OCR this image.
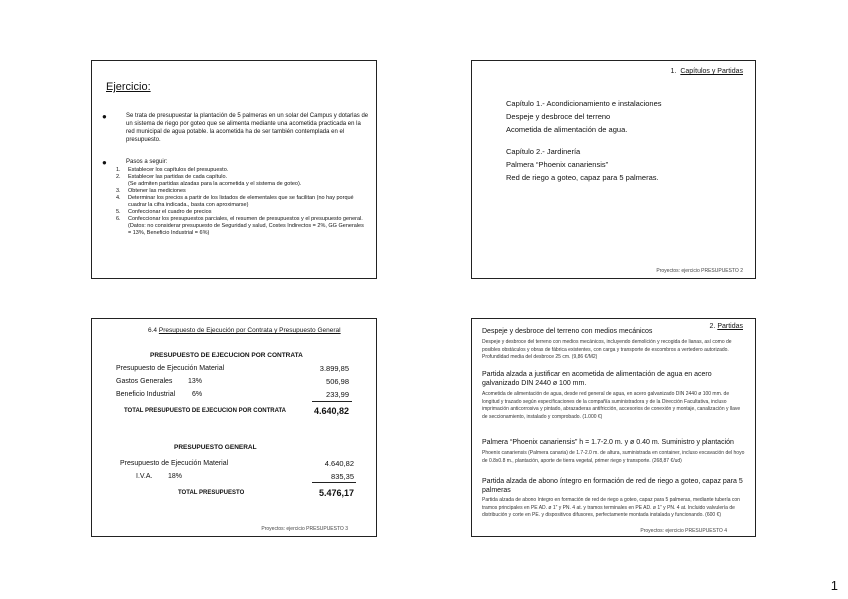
Ejercicio:
●	Se trata de presupuestar la plantación de 5 palmeras en un solar del Campus y dotarlas de un sistema de riego por goteo que se alimenta mediante una acometida practicada en la red municipal de agua potable. la acometida ha de ser también contemplada en el presupuesto.
●	Pasos a seguir:
1.	Establecer los capítulos del presupuesto.
2.	Establecer las partidas de cada capítulo.
(Se admiten partidas alzadas para la acometida y el sistema de goteo).
3.	Obtener las mediciones
4.	Determinar los precios a partir de los listados de elementales que se facilitan (no hay porqué cuadrar la cifra indicada., basta con aproximarse)
5.	Confeccionar el cuadro de precios
6.	Confeccionar los presupuestos parciales, el resumen de presupuestos y el presupuesto general.
(Datos: no considerar presupuesto de Seguridad y salud, Costes Indirectos = 2%, GG Generales = 13%, Beneficio Industrial = 6%)
1. Capítulos y Partidas
Capítulo 1.- Acondicionamiento e instalaciones
Despeje y desbroce del terreno
Acometida de alimentación de agua.
Capítulo 2.- Jardinería
Palmera “Phoenix canariensis”
Red de riego a goteo, capaz para 5 palmeras.
Proyectos: ejercicio PRESUPUESTO 2
6.4 Presupuesto de Ejecución por Contrata y Presupuesto General
PRESUPUESTO DE EJECUCION POR CONTRATA
Presupuesto de Ejecución Material	3.899,85
Gastos Generales 13%	506,98
Beneficio Industrial 6%	233,99
TOTAL PRESUPUESTO DE EJECUCION POR CONTRATA	4.640,82
PRESUPUESTO GENERAL
Presupuesto de Ejecución Material	4.640,82
I.V.A. 18%	835,35
TOTAL PRESUPUESTO	5.476,17
Proyectos: ejercicio PRESUPUESTO 3
2. Partidas
Despeje y desbroce del terreno con medios mecánicos
Despeje y desbroce del terreno con medios mecánicos, incluyendo demolición y recogida de lianas, así como de posibles obstáculos y obras de fábrica existentes, con carga y transporte de escombros a vertedero autorizado. Profundidad media del desbroce 25 cm. (9,86 €/M2)
Partida alzada a justificar en acometida de alimentación de agua en acero galvanizado DIN 2440 ø 100 mm.
Acometida de alimentación de agua, desde red general de agua, en acero galvanizado DIN 2440 ø 100 mm. de longitud y trazado según especificaciones de la compañía suministradora y de la Dirección Facultativa, incluso imprimación anticorrosiva y pintado, abrazaderas antifricción, accesorios de conexión y montaje, canalización y llave de seccionamiento, instalado y comprobado. (1.000 €)
Palmera “Phoenix canariensis” h = 1.7-2.0 m. y ø 0.40 m. Suministro y plantación
Phoenix canariensis (Palmera canaria) de 1.7-2.0 m. de altura, suministrada en container, incluso excavación del hoyo de 0.8x0.8 m., plantación, aporte de tierra vegetal, primer riego y transporte. (268,87 €/ud)
Partida alzada de abono íntegro en formación de red de riego a goteo, capaz para 5 palmeras
Partida alzada de abono íntegro en formación de red de riego a goteo, capaz para 5 palmeras, mediante tubería con tramos principales en PE AD. ø 1” y PN. 4 at. y tramos terminales en PE AD. ø 1” y PN. 4 at. Incluido valvulería de distribución y corte en PE. y dispositivos difusores, perfectamente montada instalada y funcionando. (600 €)
Proyectos: ejercicio PRESUPUESTO 4
1
